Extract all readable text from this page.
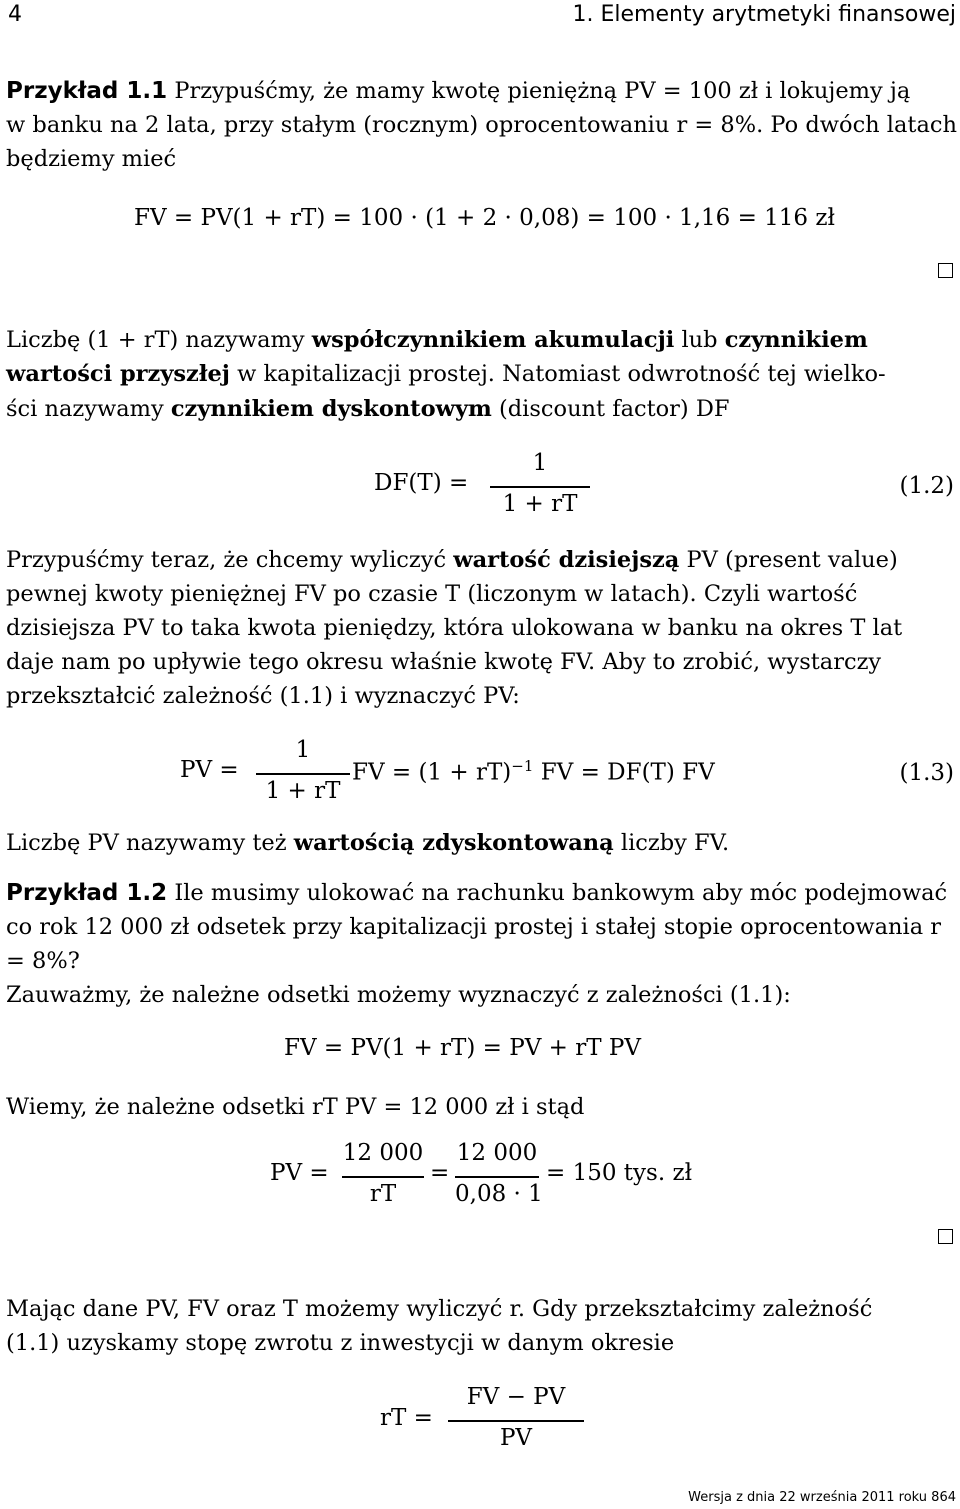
4	1. Elementy arytmetyki finansowej
Przykład 1.1 Przypuśćmy, że mamy kwotę pieniężną PV = 100 zł i lokujemy ją
w banku na 2 lata, przy stałym (rocznym) oprocentowaniu r = 8%. Po dwóch latach
będziemy mieć
FV = PV(1 + rT) = 100 · (1 + 2 · 0,08) = 100 · 1,16 = 116 zł
Liczbę (1 + rT) nazywamy współczynnikiem akumulacji lub czynnikiem
wartości przyszłej w kapitalizacji prostej. Natomiast odwrotność tej wielko-
ści nazywamy czynnikiem dyskontowym (discount factor) DF
DF(T) =
1
1 + rT
(1.2)
Przypuśćmy teraz, że chcemy wyliczyć wartość dzisiejszą PV (present value)
pewnej kwoty pieniężnej FV po czasie T (liczonym w latach). Czyli wartość
dzisiejsza PV to taka kwota pieniędzy, która ulokowana w banku na okres T lat
daje nam po upływie tego okresu właśnie kwotę FV. Aby to zrobić, wystarczy
przekształcić zależność (1.1) i wyznaczyć PV:
PV =
1
1 + rT
FV = (1 + rT)$^{-1}$ FV = DF(T) FV	(1.3)
Liczbę PV nazywamy też wartością zdyskontowaną liczby FV.
Przykład 1.2 Ile musimy ulokować na rachunku bankowym aby móc podejmować
co rok 12 000 zł odsetek przy kapitalizacji prostej i stałej stopie oprocentowania r
= 8%?
Zauważmy, że należne odsetki możemy wyznaczyć z zależności (1.1):
FV = PV(1 + rT) = PV + rT PV
Wiemy, że należne odsetki rT PV = 12 000 zł i stąd
PV =
12 000
rT
=
12 000
0,08 · 1
= 150 tys. zł
Mając dane PV, FV oraz T możemy wyliczyć r. Gdy przekształcimy zależność
(1.1) uzyskamy stopę zwrotu z inwestycji w danym okresie
rT =
FV − PV
PV
Wersja z dnia 22 września 2011 roku 864
